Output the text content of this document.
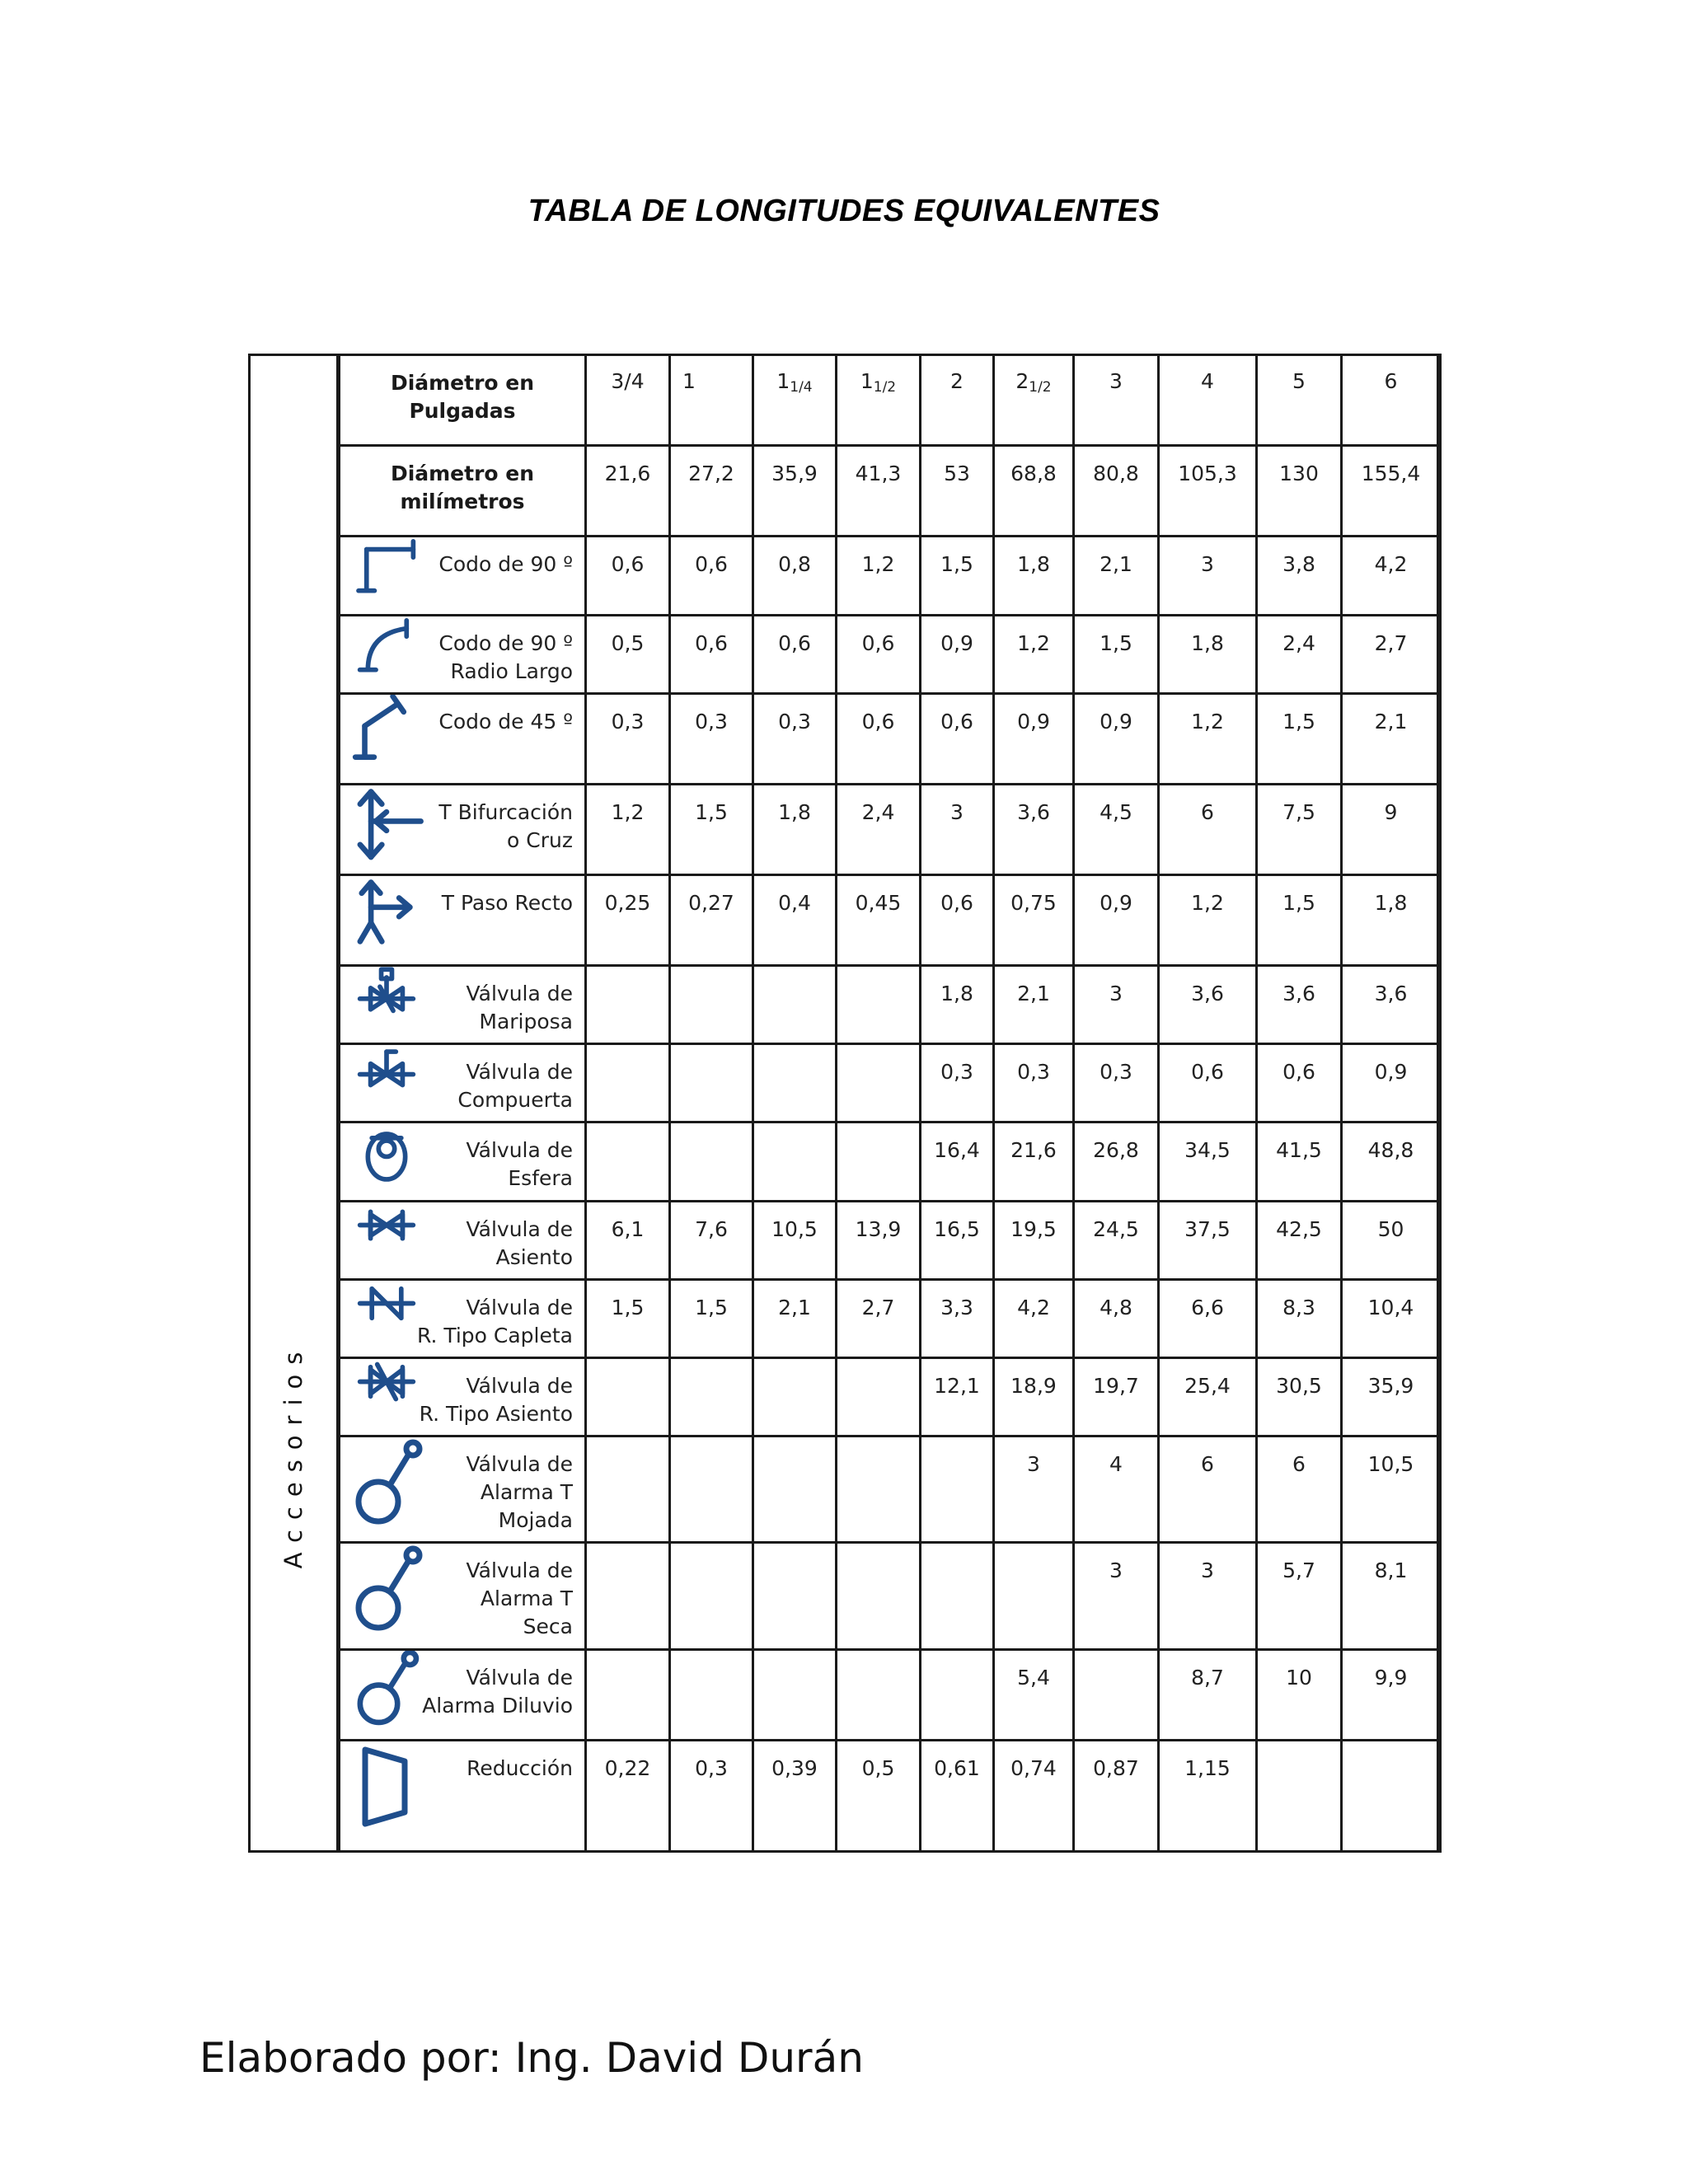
TABLA DE LONGITUDES EQUIVALENTES
Accesorios
Diámetro en
Pulgadas	3/4	1	$1_{1/4}$	$1_{1/2}$	2	$2_{1/2}$	3	4	5	6

Diámetro en
milímetros	21,6	27,2	35,9	41,3	53	68,8	80,8	105,3	130	155,4

Codo de 90 º	0,6	0,6	0,8	1,2	1,5	1,8	2,1	3	3,8	4,2

Codo de 90 º
Radio Largo	0,5	0,6	0,6	0,6	0,9	1,2	1,5	1,8	2,4	2,7

Codo de 45 º	0,3	0,3	0,3	0,6	0,6	0,9	0,9	1,2	1,5	2,1

T Bifurcación
o Cruz	1,2	1,5	1,8	2,4	3	3,6	4,5	6	7,5	9

T Paso Recto	0,25	0,27	0,4	0,45	0,6	0,75	0,9	1,2	1,5	1,8

Válvula de
Mariposa					1,8	2,1	3	3,6	3,6	3,6

Válvula de
Compuerta					0,3	0,3	0,3	0,6	0,6	0,9

Válvula de
Esfera					16,4	21,6	26,8	34,5	41,5	48,8

Válvula de
Asiento	6,1	7,6	10,5	13,9	16,5	19,5	24,5	37,5	42,5	50

Válvula de
R. Tipo Capleta	1,5	1,5	2,1	2,7	3,3	4,2	4,8	6,6	8,3	10,4

Válvula de
R. Tipo Asiento					12,1	18,9	19,7	25,4	30,5	35,9

Válvula de
Alarma T
Mojada						3	4	6	6	10,5

Válvula de
Alarma T
Seca							3	3	5,7	8,1

Válvula de
Alarma Diluvio						5,4		8,7	10	9,9

Reducción	0,22	0,3	0,39	0,5	0,61	0,74	0,87	1,15		

Elaborado por: Ing. David Durán
